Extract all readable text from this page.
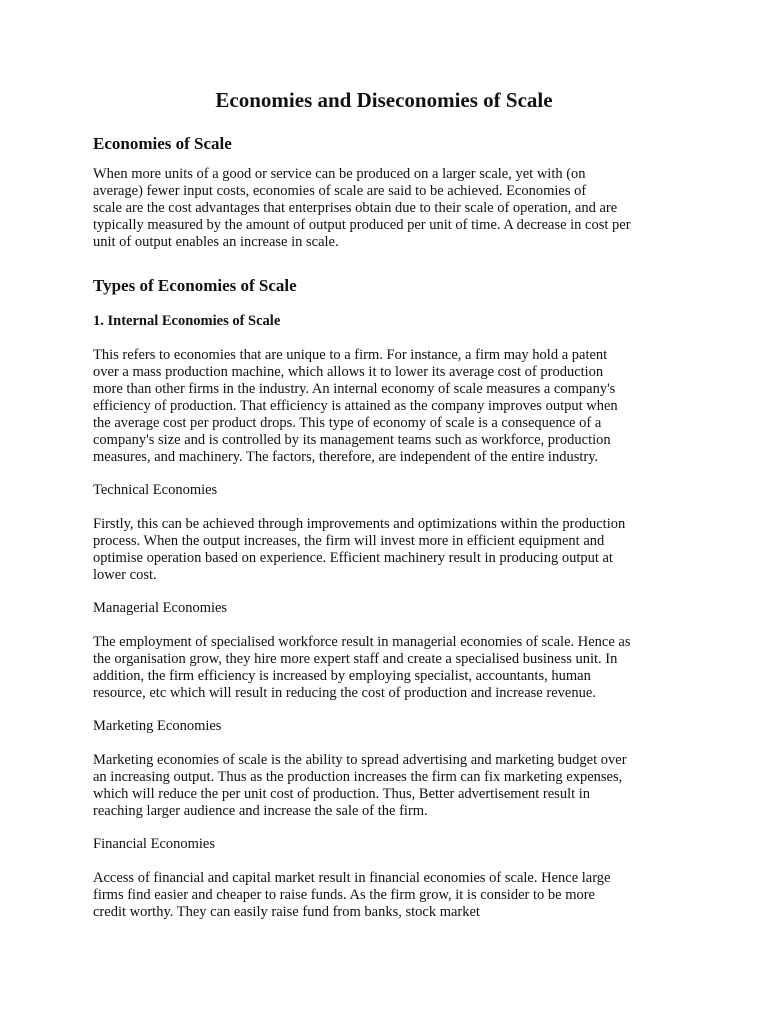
Economies and Diseconomies of Scale
Economies of Scale

When more units of a good or service can be produced on a larger scale, yet with (on
average) fewer input costs, economies of scale are said to be achieved. Economies of
scale are the cost advantages that enterprises obtain due to their scale of operation, and are
typically measured by the amount of output produced per unit of time. A decrease in cost per
unit of output enables an increase in scale.

Types of Economies of Scale
1. Internal Economies of Scale

This refers to economies that are unique to a firm. For instance, a firm may hold a patent
over a mass production machine, which allows it to lower its average cost of production
more than other firms in the industry. An internal economy of scale measures a company's
efficiency of production. That efficiency is attained as the company improves output when
the average cost per product drops. This type of economy of scale is a consequence of a
company's size and is controlled by its management teams such as workforce, production
measures, and machinery. The factors, therefore, are independent of the entire industry.

Technical Economies

Firstly, this can be achieved through improvements and optimizations within the production
process. When the output increases, the firm will invest more in efficient equipment and
optimise operation based on experience. Efficient machinery result in producing output at
lower cost.

Managerial Economies

The employment of specialised workforce result in managerial economies of scale. Hence as
the organisation grow, they hire more expert staff and create a specialised business unit. In
addition, the firm efficiency is increased by employing specialist, accountants, human
resource, etc which will result in reducing the cost of production and increase revenue.

Marketing Economies

Marketing economies of scale is the ability to spread advertising and marketing budget over
an increasing output. Thus as the production increases the firm can fix marketing expenses,
which will reduce the per unit cost of production. Thus, Better advertisement result in
reaching larger audience and increase the sale of the firm.

Financial Economies

Access of financial and capital market result in financial economies of scale. Hence large
firms find easier and cheaper to raise funds. As the firm grow, it is consider to be more
credit worthy. They can easily raise fund from banks, stock market
